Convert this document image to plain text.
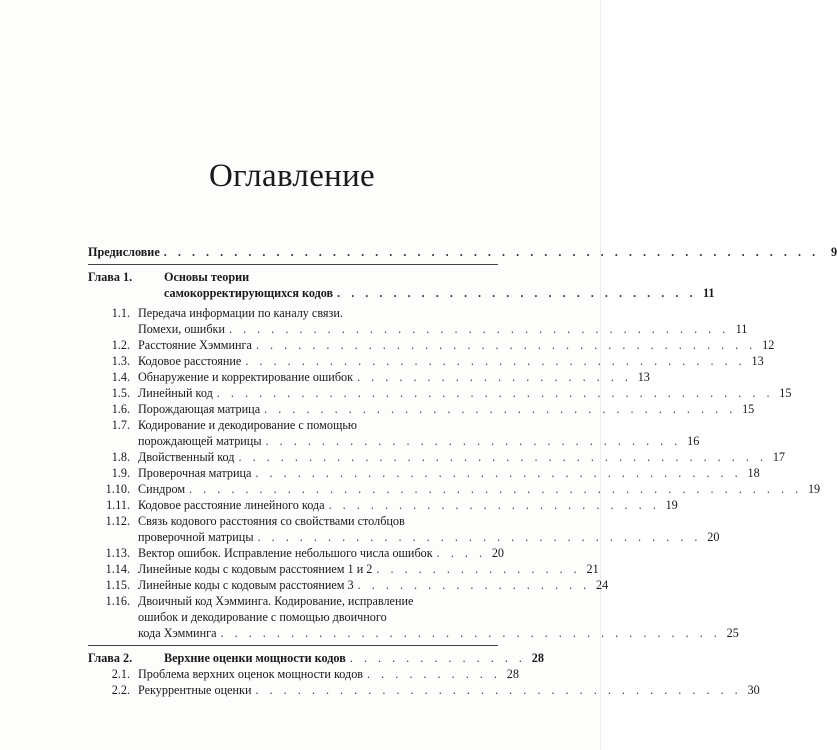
Оглавление
Предисловие . . . . . . . . . . . . . . . . . . . . . . . . . . . . . . . . . . . . . . . . . . . . . . . 9
Глава 1.	Основы теории
самокорректирующихся кодов . . . . . . . . . . . . . . . . . . . . . . . . . . 11
1.1. Передача информации по каналу связи.
Помехи, ошибки . . . . . . . . . . . . . . . . . . . . . . . . . . . . . . . . . . . . 11
1.2. Расстояние Хэмминга . . . . . . . . . . . . . . . . . . . . . . . . . . . . . . . . . . . . 12
1.3. Кодовое расстояние . . . . . . . . . . . . . . . . . . . . . . . . . . . . . . . . . . . . 13
1.4. Обнаружение и корректирование ошибок . . . . . . . . . . . . . . . . . . . . 13
1.5. Линейный код . . . . . . . . . . . . . . . . . . . . . . . . . . . . . . . . . . . . . . . . 15
1.6. Порождающая матрица . . . . . . . . . . . . . . . . . . . . . . . . . . . . . . . . . . 15
1.7. Кодирование и декодирование с помощью
порождающей матрицы . . . . . . . . . . . . . . . . . . . . . . . . . . . . . . 16
1.8. Двойственный код . . . . . . . . . . . . . . . . . . . . . . . . . . . . . . . . . . . . . . 17
1.9. Проверочная матрица . . . . . . . . . . . . . . . . . . . . . . . . . . . . . . . . . . . 18
1.10. Синдром . . . . . . . . . . . . . . . . . . . . . . . . . . . . . . . . . . . . . . . . . . . . 19
1.11. Кодовое расстояние линейного кода . . . . . . . . . . . . . . . . . . . . . . . . 19
1.12. Связь кодового расстояния со свойствами столбцов
проверочной матрицы . . . . . . . . . . . . . . . . . . . . . . . . . . . . . . . . 20
1.13. Вектор ошибок. Исправление небольшого числа ошибок . . . . 20
1.14. Линейные коды с кодовым расстоянием 1 и 2 . . . . . . . . . . . . . . . 21
1.15. Линейные коды с кодовым расстоянием 3 . . . . . . . . . . . . . . . . . 24
1.16. Двоичный код Хэмминга. Кодирование, исправление
ошибок и декодирование с помощью двоичного
кода Хэмминга . . . . . . . . . . . . . . . . . . . . . . . . . . . . . . . . . . . . 25
Глава 2.	Верхние оценки мощности кодов . . . . . . . . . . . . . 28
2.1. Проблема верхних оценок мощности кодов . . . . . . . . . . 28
2.2. Рекуррентные оценки . . . . . . . . . . . . . . . . . . . . . . . . . . . . . . . . . . . 30
